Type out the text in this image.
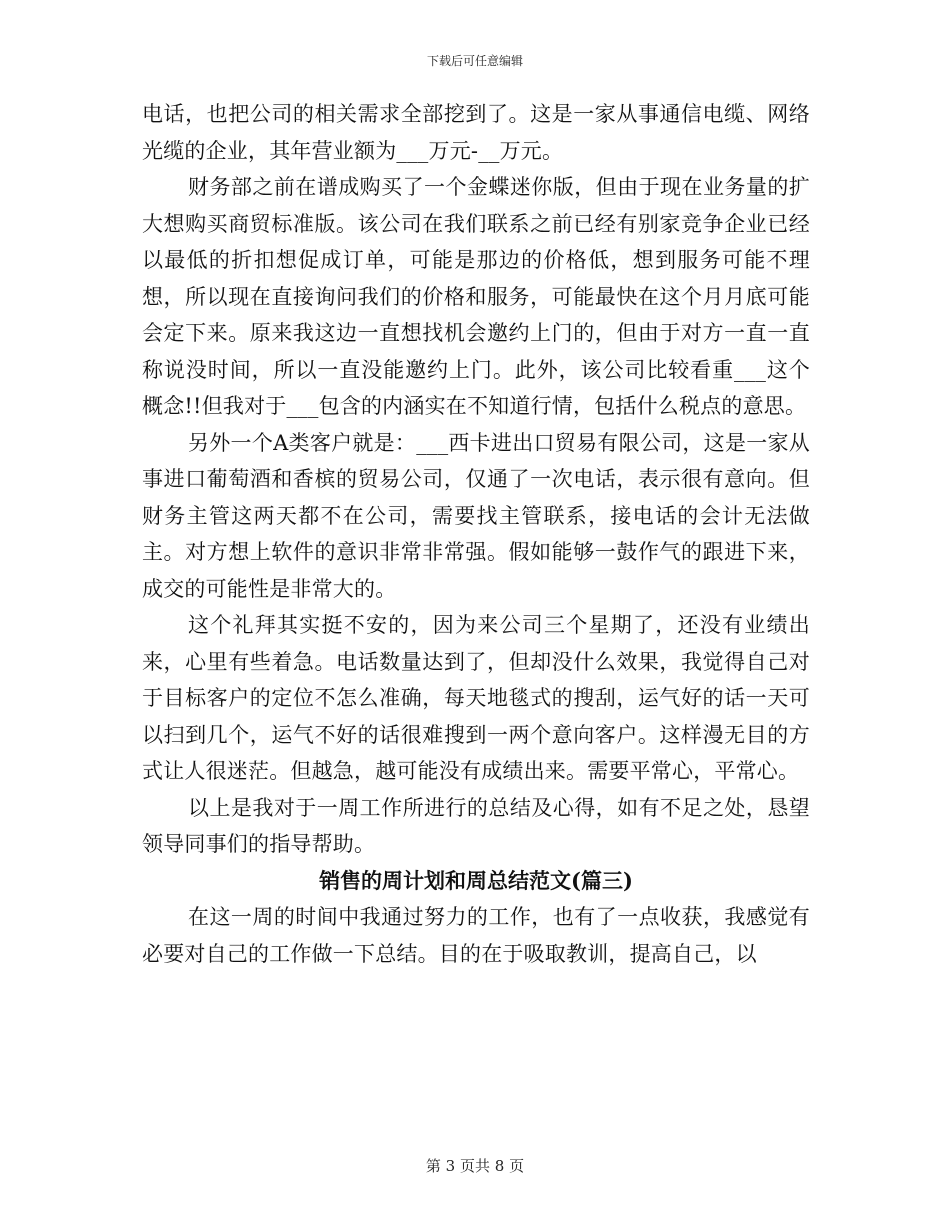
下载后可任意编辑

电话，也把公司的相关需求全部挖到了。这是一家从事通信电缆、网络光缆的企业，其年营业额为___万元-__万元。

财务部之前在谱成购买了一个金蝶迷你版，但由于现在业务量的扩大想购买商贸标准版。该公司在我们联系之前已经有别家竞争企业已经以最低的折扣想促成订单，可能是那边的价格低，想到服务可能不理想，所以现在直接询问我们的价格和服务，可能最快在这个月月底可能会定下来。原来我这边一直想找机会邀约上门的，但由于对方一直一直称说没时间，所以一直没能邀约上门。此外，该公司比较看重___这个概念!!但我对于___包含的内涵实在不知道行情，包括什么税点的意思。

另外一个A类客户就是：___西卡进出口贸易有限公司，这是一家从事进口葡萄酒和香槟的贸易公司，仅通了一次电话，表示很有意向。但财务主管这两天都不在公司，需要找主管联系，接电话的会计无法做主。对方想上软件的意识非常非常强。假如能够一鼓作气的跟进下来，成交的可能性是非常大的。

这个礼拜其实挺不安的，因为来公司三个星期了，还没有业绩出来，心里有些着急。电话数量达到了，但却没什么效果，我觉得自己对于目标客户的定位不怎么准确，每天地毯式的搜刮，运气好的话一天可以扫到几个，运气不好的话很难搜到一两个意向客户。这样漫无目的方式让人很迷茫。但越急，越可能没有成绩出来。需要平常心，平常心。

以上是我对于一周工作所进行的总结及心得，如有不足之处，恳望领导同事们的指导帮助。

销售的周计划和周总结范文(篇三)

在这一周的时间中我通过努力的工作，也有了一点收获，我感觉有必要对自己的工作做一下总结。目的在于吸取教训，提高自己，以

第 3 页共 8 页
